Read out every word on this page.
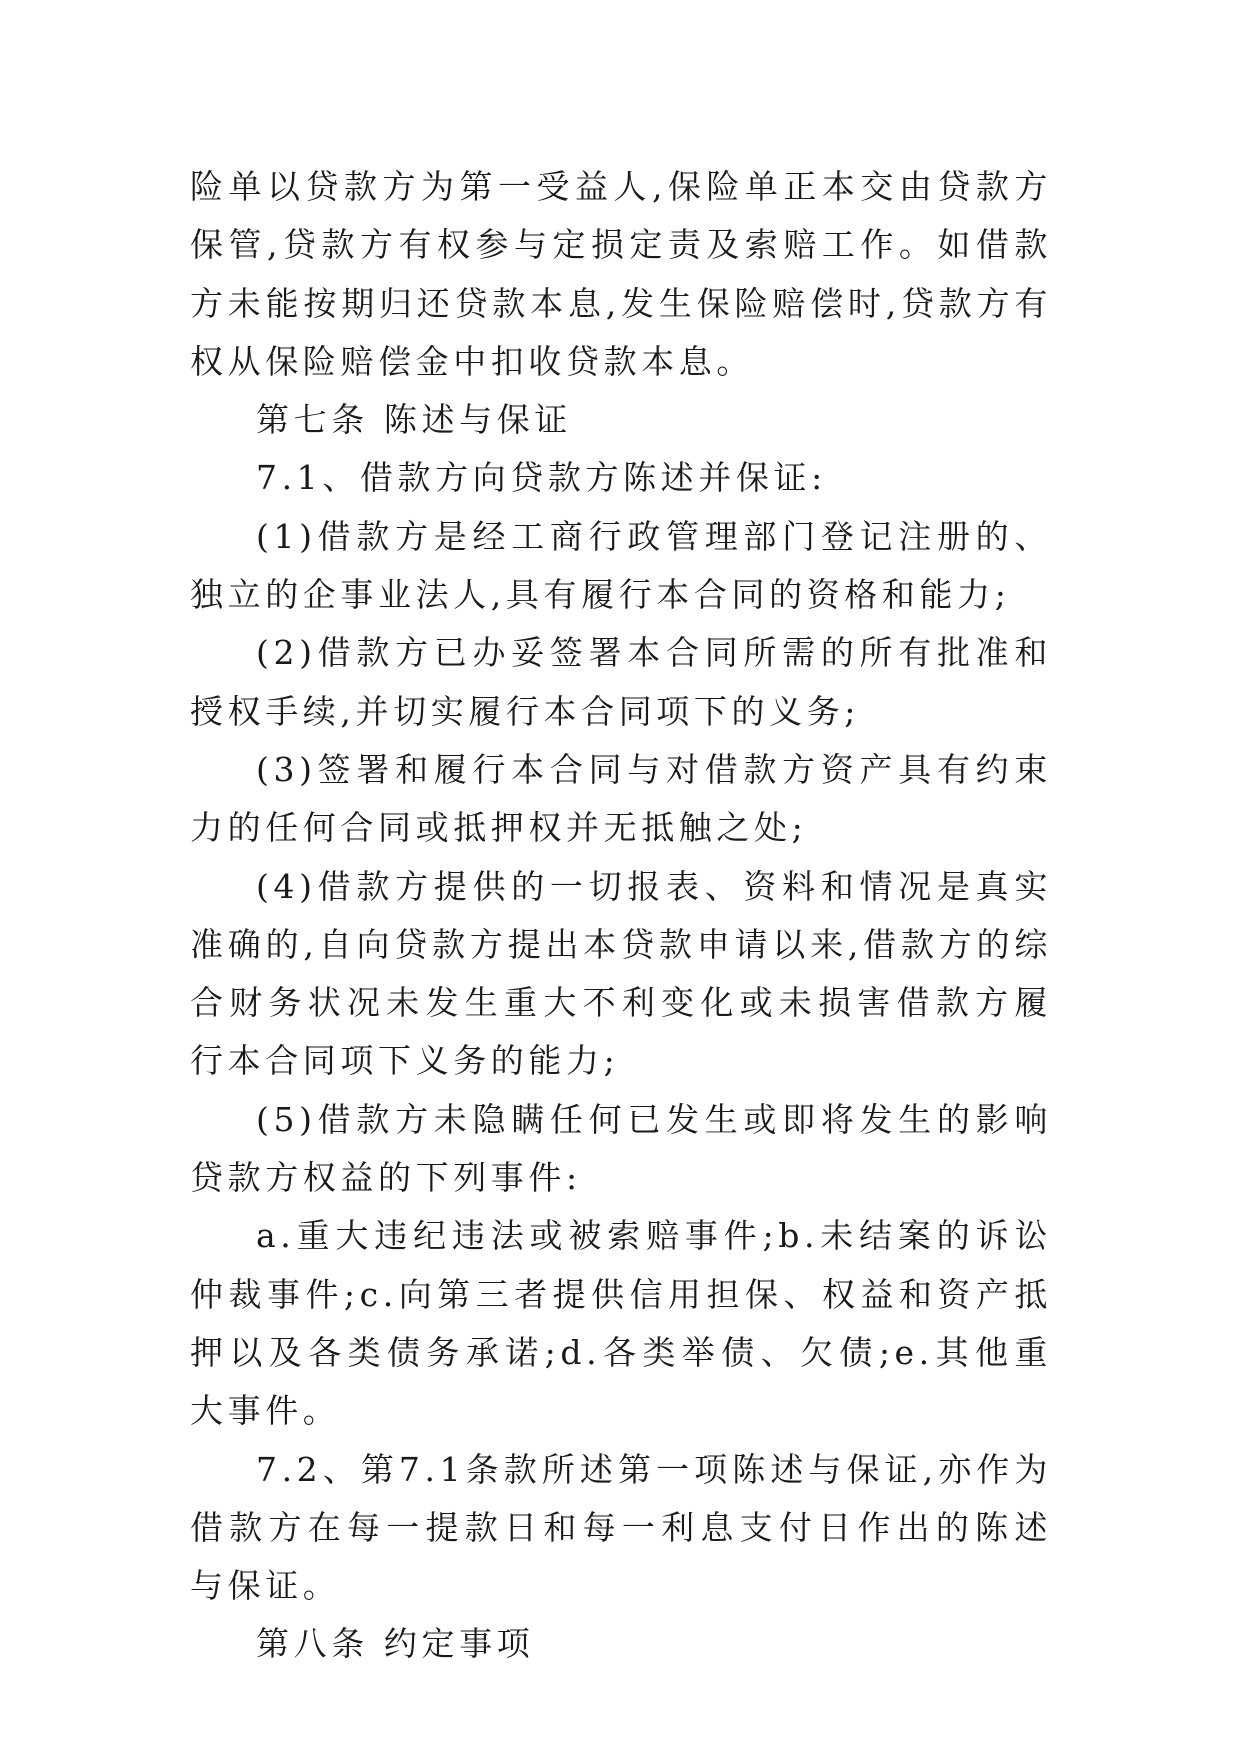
险单以贷款方为第一受益人,保险单正本交由贷款方保管,贷款方有权参与定损定责及索赔工作。如借款方未能按期归还贷款本息,发生保险赔偿时,贷款方有权从保险赔偿金中扣收贷款本息。

第七条 陈述与保证

7.1、借款方向贷款方陈述并保证:

(1)借款方是经工商行政管理部门登记注册的、独立的企事业法人,具有履行本合同的资格和能力;

(2)借款方已办妥签署本合同所需的所有批准和授权手续,并切实履行本合同项下的义务;

(3)签署和履行本合同与对借款方资产具有约束力的任何合同或抵押权并无抵触之处;

(4)借款方提供的一切报表、资料和情况是真实准确的,自向贷款方提出本贷款申请以来,借款方的综合财务状况未发生重大不利变化或未损害借款方履行本合同项下义务的能力;

(5)借款方未隐瞒任何已发生或即将发生的影响贷款方权益的下列事件:

a.重大违纪违法或被索赔事件;b.未结案的诉讼仲裁事件;c.向第三者提供信用担保、权益和资产抵押以及各类债务承诺;d.各类举债、欠债;e.其他重大事件。

7.2、第7.1条款所述第一项陈述与保证,亦作为借款方在每一提款日和每一利息支付日作出的陈述与保证。

第八条 约定事项
